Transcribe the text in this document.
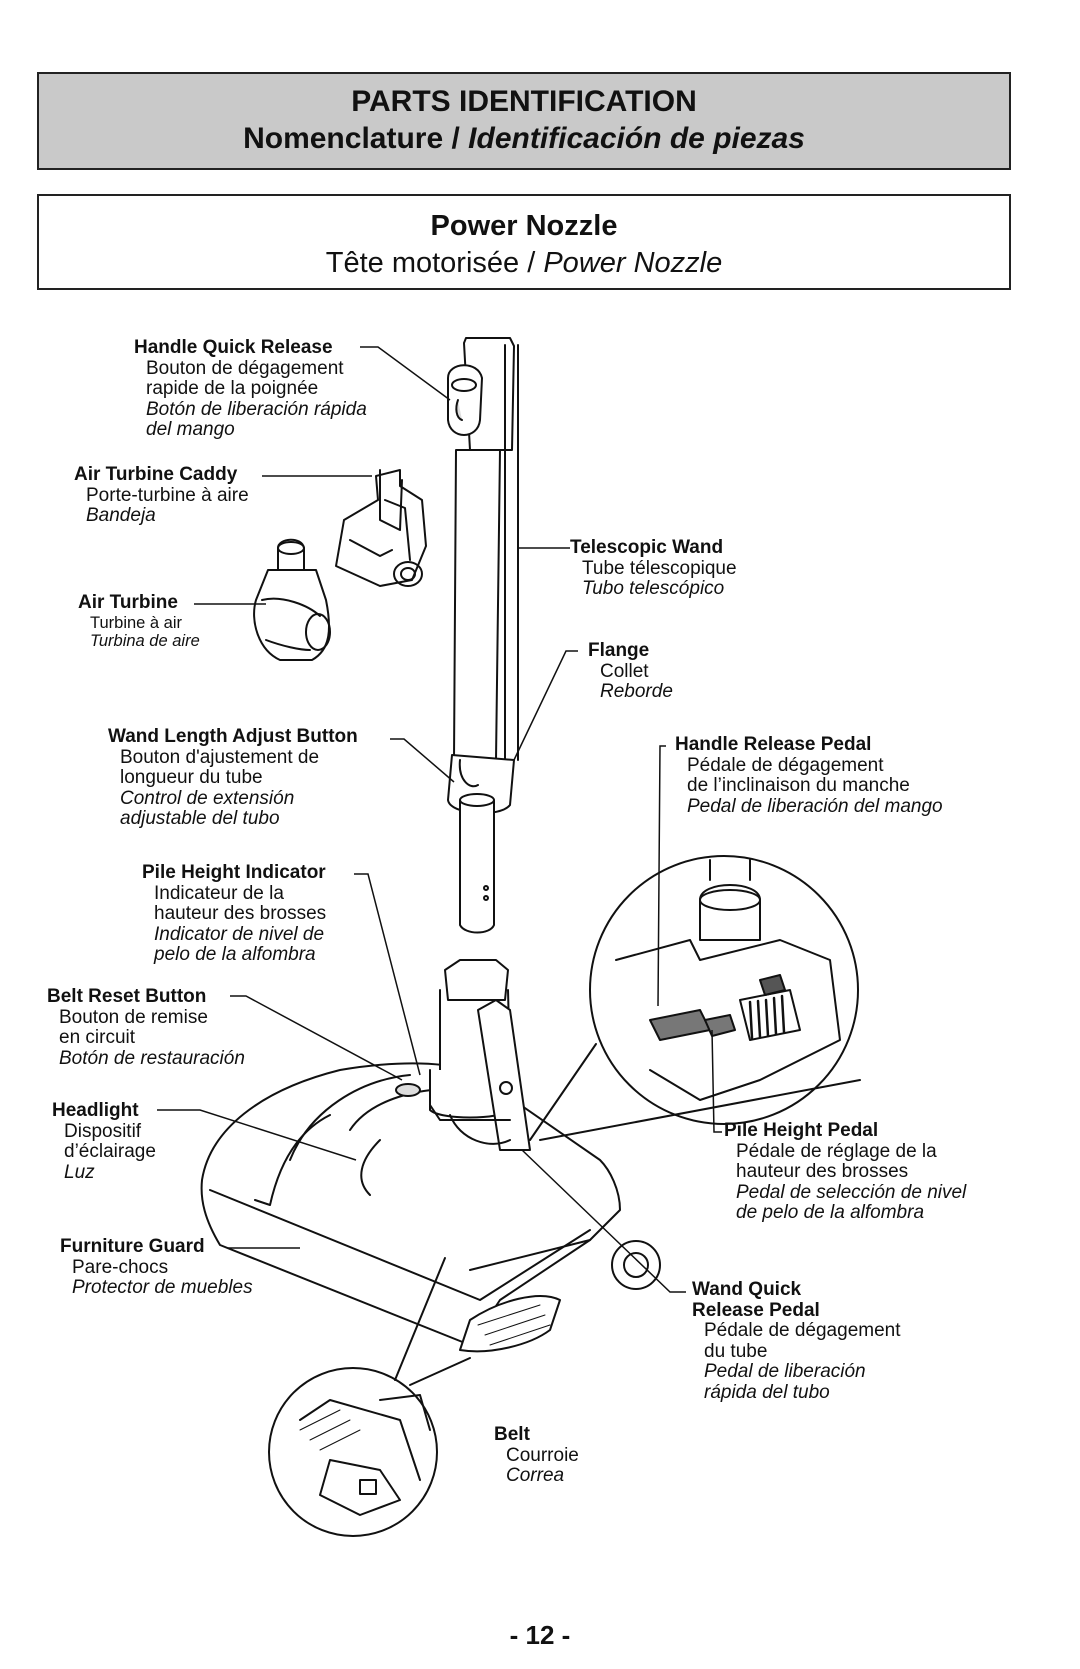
PARTS IDENTIFICATION
Nomenclature / Identificación de piezas
Power Nozzle
Tête motorisée / Power Nozzle
Handle Quick Release
Bouton de dégagement
rapide de la poignée
Botón de liberación rápida
del mango
Air Turbine Caddy
Porte-turbine à aire
Bandeja
Air Turbine
Turbine à air
Turbina de aire
Telescopic Wand
Tube télescopique
Tubo telescópico
Flange
Collet
Reborde
Wand Length Adjust Button
Bouton d'ajustement de
longueur du tube
Control de extensión
adjustable del tubo
Handle Release Pedal
Pédale de dégagement
de l’inclinaison du manche
Pedal de liberación del mango
Pile Height Indicator
Indicateur de la
hauteur des brosses
Indicator de nivel de
pelo de la alfombra
Belt Reset Button
Bouton de remise
en circuit
Botón de restauración
Headlight
Dispositif
d’éclairage
Luz
Pile Height Pedal
Pédale de réglage de la
hauteur des brosses
Pedal de selección de nivel
de pelo de la alfombra
Furniture Guard
Pare-chocs
Protector de muebles	Wand Quick
Release Pedal
Pédale de dégagement
du tube
Pedal de liberación
rápida del tubo
Belt
Courroie
Correa
- 12 -
